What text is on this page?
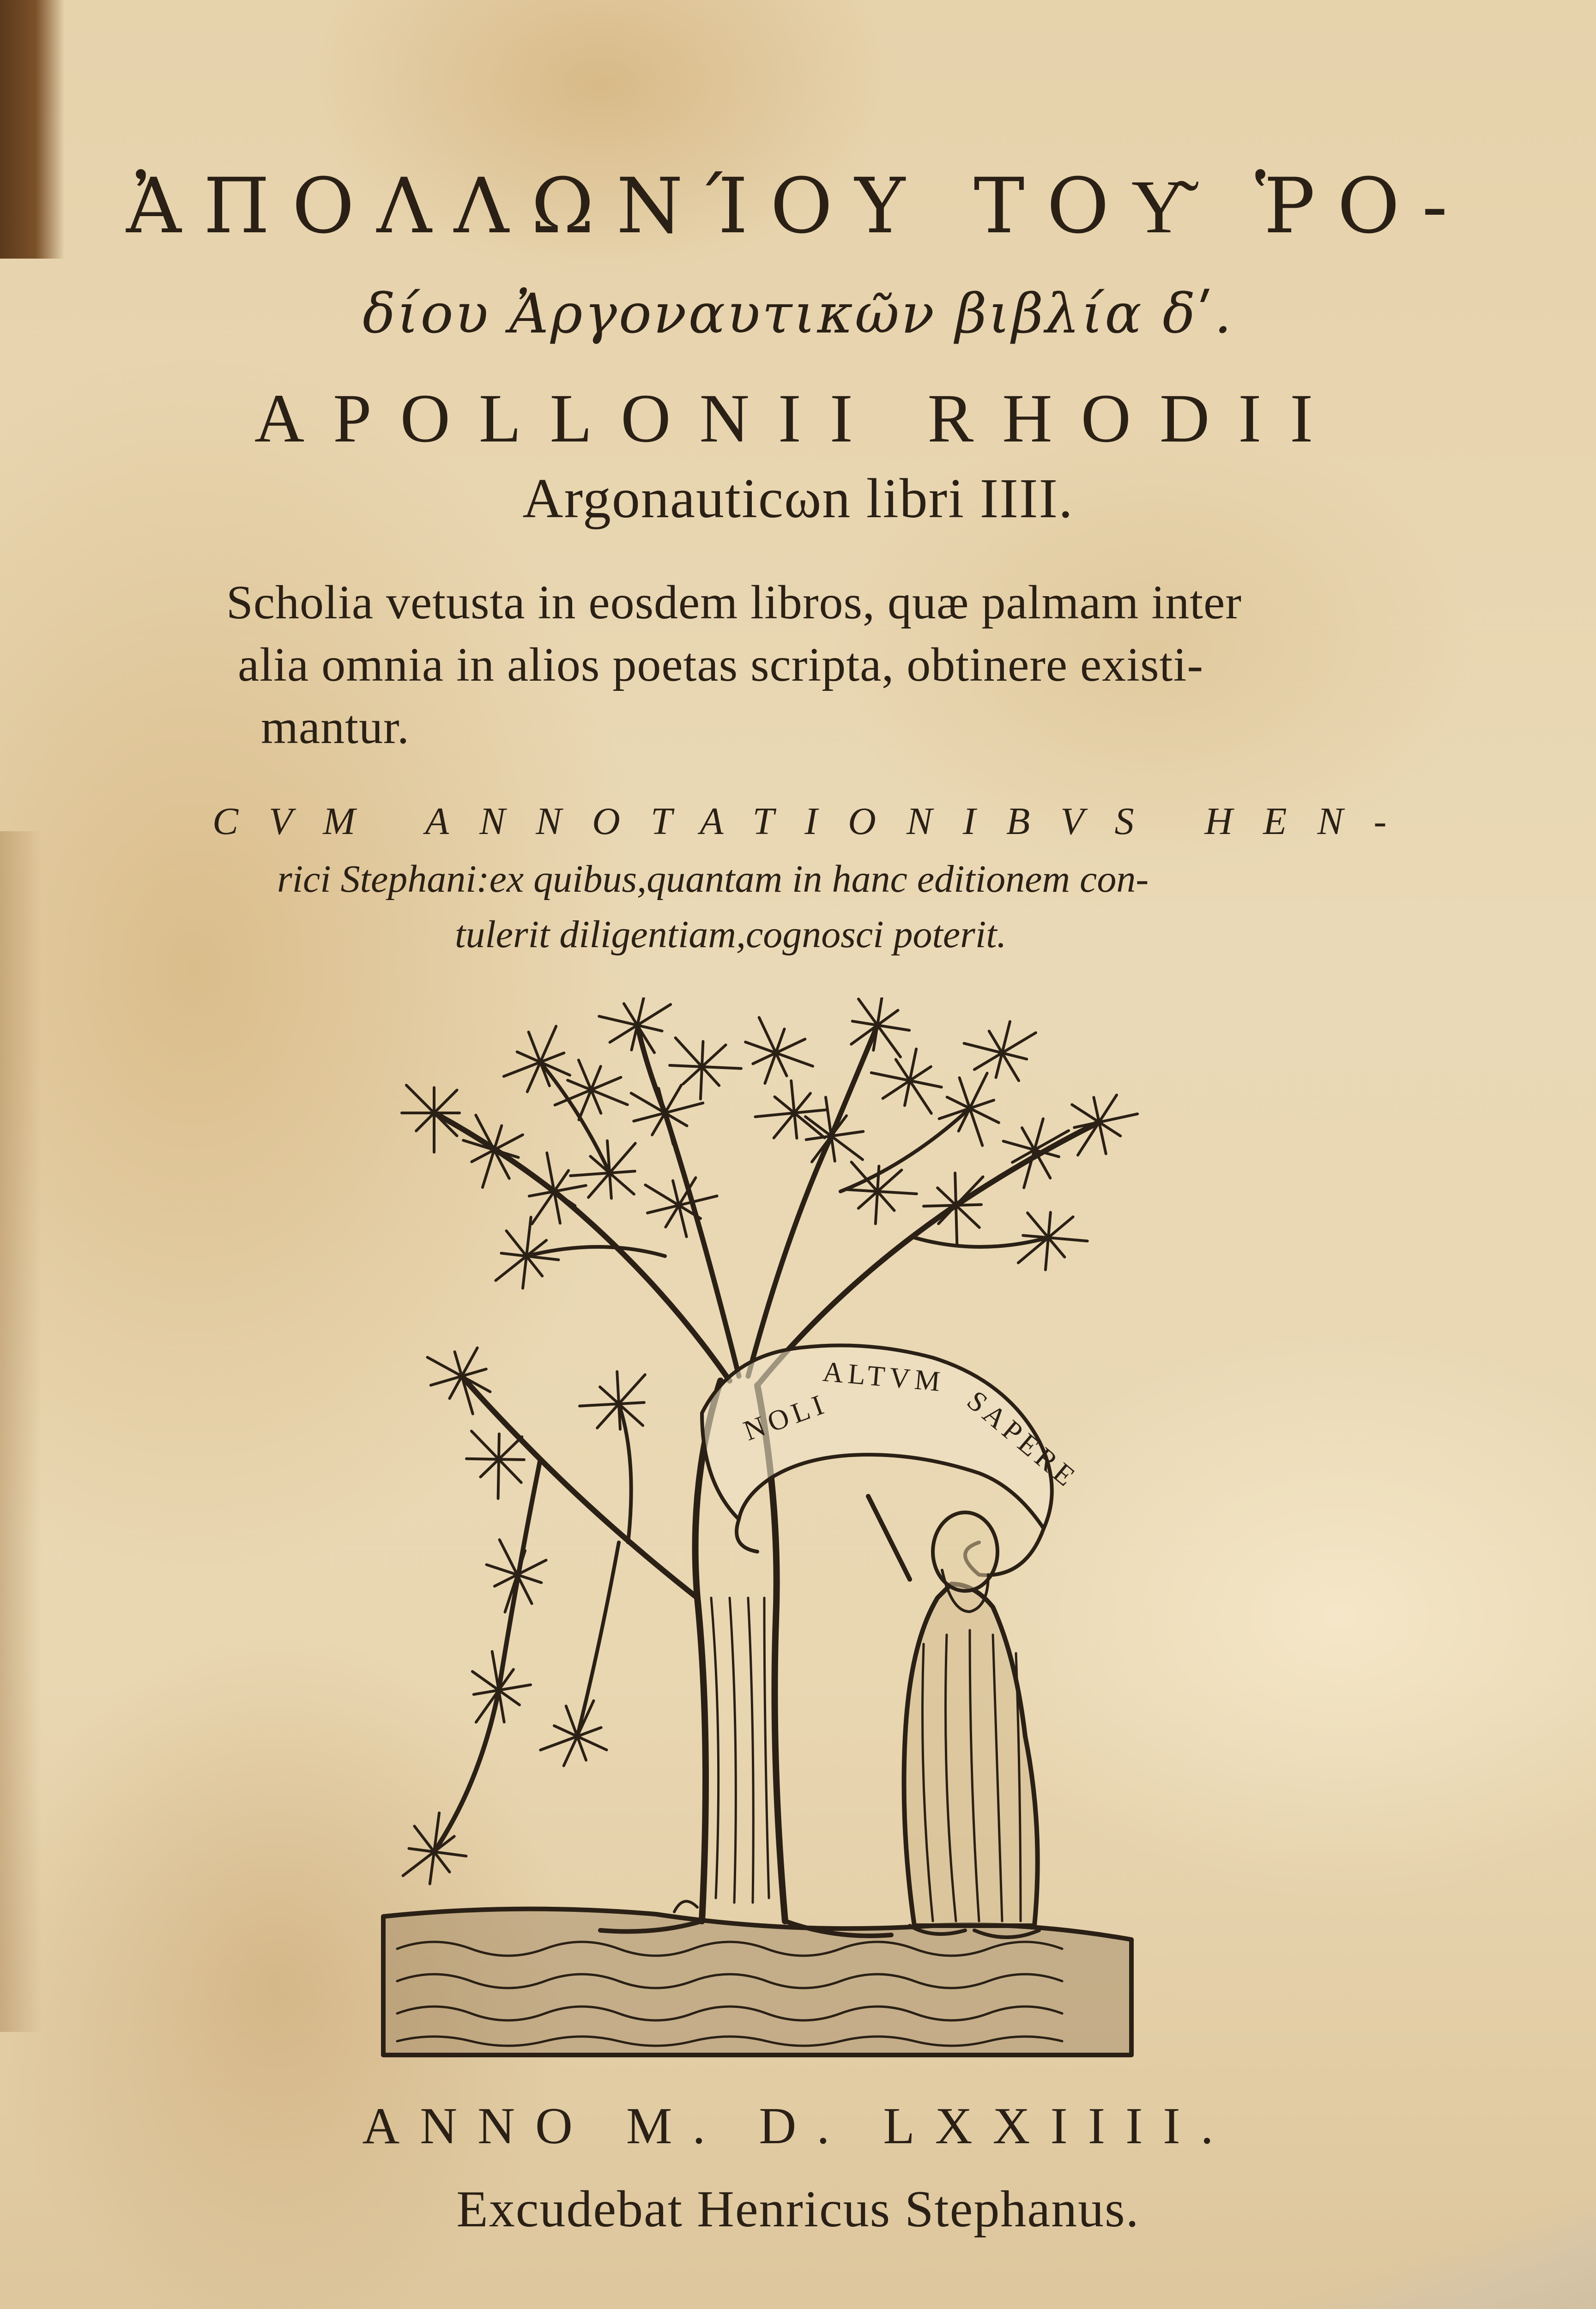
ἈΠΟΛΛΩΝΊΟΥ ΤΟΥ͂ ῬΟ-
δίου Ἀργοναυτικῶν βιβλία δʹ.
APOLLONII RHODII
Argonauticωn libri IIII.
Scholia vetusta in eosdem libros, quæ palmam inter
alia omnia in alios poetas scripta, obtinere existi-
mantur.
CVM ANNOTATIONIBVS HEN-
rici Stephani:ex quibus,quantam in hanc editionem con-
tulerit diligentiam,cognosci poterit.
NOLI
ALTVM
SAPERE
ANNO M. D. LXXIIII.
Excudebat Henricus Stephanus.
